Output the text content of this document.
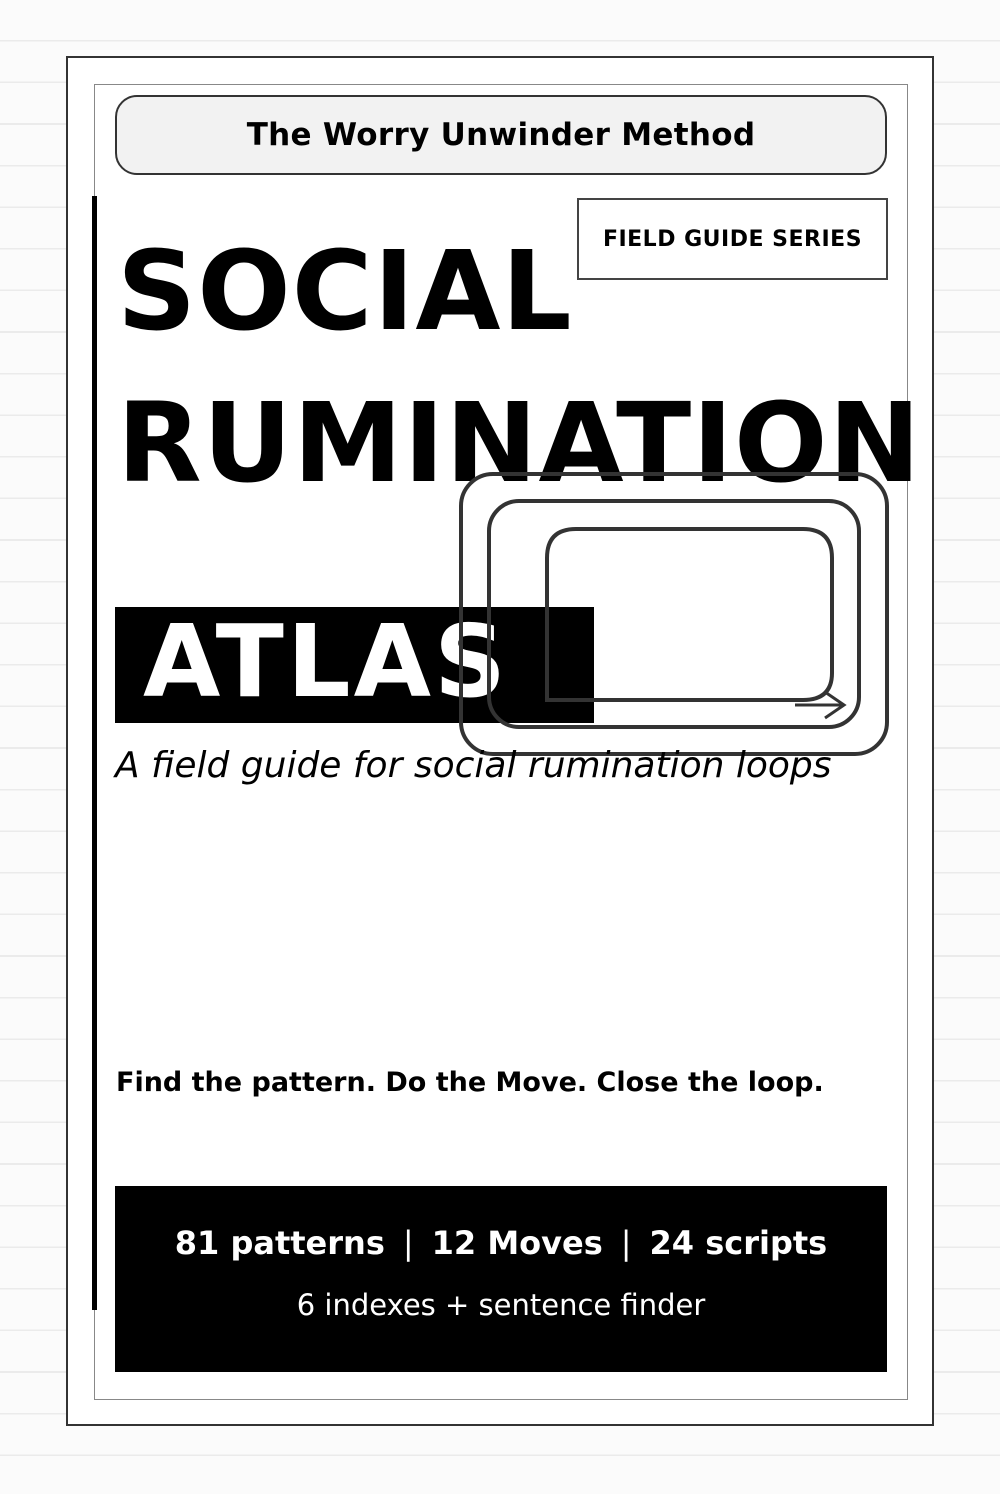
The Worry Unwinder Method
FIELD GUIDE SERIES
SOCIAL
RUMINATION
ATLAS
A field guide for social rumination loops
Find the pattern. Do the Move. Close the loop.
81 patterns | 12 Moves | 24 scripts
6 indexes + sentence finder
